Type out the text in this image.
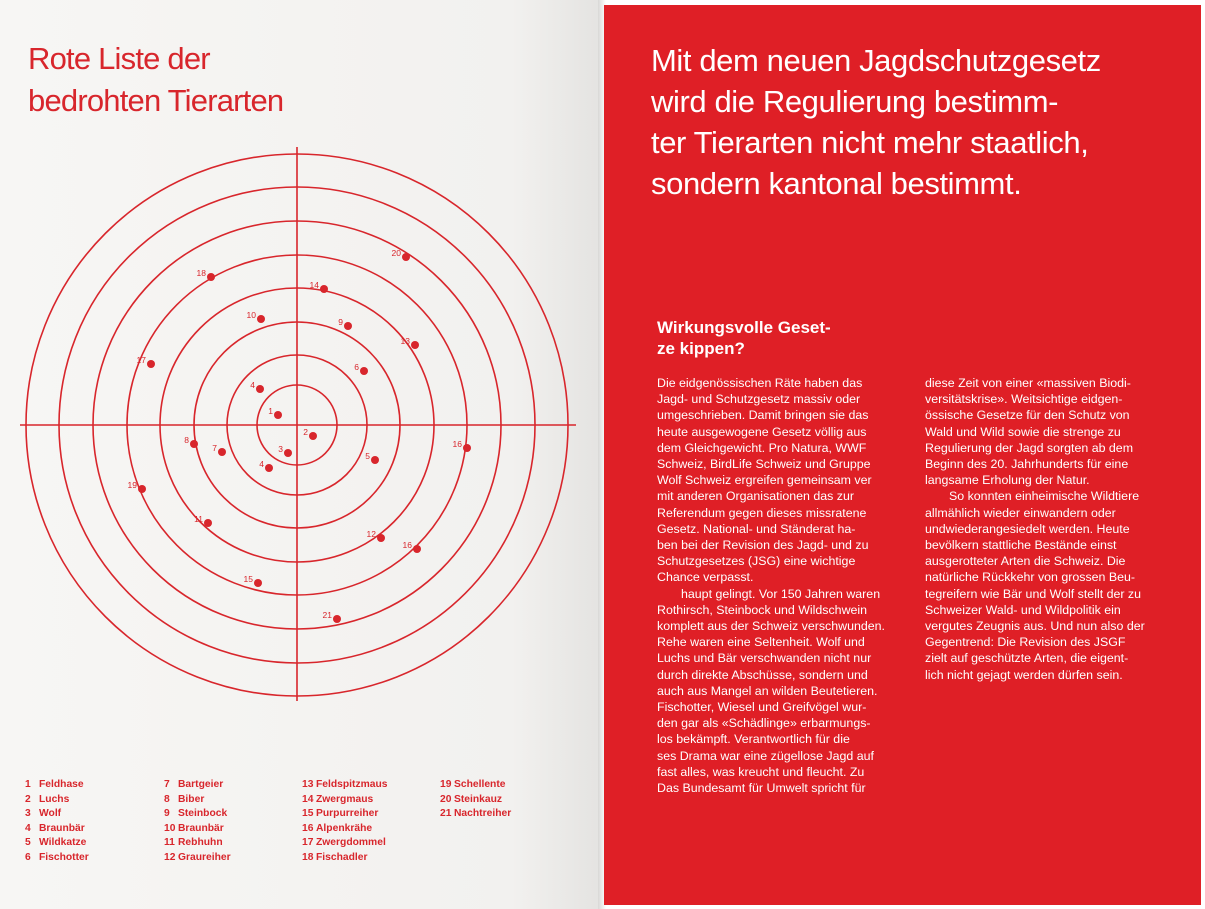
Rote Liste der
bedrohten Tierarten
20
18
14
10
9
13
17
6
4
1
2
8
7	3
4
5
16
19
11
12
16
15
21
1 Feldhase
2 Luchs
3 Wolf
4 Braunbär
5 Wildkatze
6 Fischotter
7 Bartgeier
8 Biber
9 Steinbock
10 Braunbär
11 Rebhuhn
12 Graureiher
13 Feldspitzmaus
14 Zwergmaus
15 Purpurreiher
16 Alpenkrähe
17 Zwergdommel
18 Fischadler
19 Schellente
20 Steinkauz
21 Nachtreiher
Mit dem neuen Jagdschutzgesetz
wird die Regulierung bestimm-
ter Tierarten nicht mehr staatlich,
sondern kantonal bestimmt.
Wirkungsvolle Geset-
ze kippen?
Die eidgenössischen Räte haben das
Jagd- und Schutzgesetz massiv oder
umgeschrieben. Damit bringen sie das
heute ausgewogene Gesetz völlig aus
dem Gleichgewicht. Pro Natura, WWF
Schweiz, BirdLife Schweiz und Gruppe
Wolf Schweiz ergreifen gemeinsam ver
mit anderen Organisationen das zur
Referendum gegen dieses missratene
Gesetz. National- und Ständerat ha-
ben bei der Revision des Jagd- und zu
Schutzgesetzes (JSG) eine wichtige
Chance verpasst.
haupt gelingt. Vor 150 Jahren waren
Rothirsch, Steinbock und Wildschwein
komplett aus der Schweiz verschwunden.
Rehe waren eine Seltenheit. Wolf und
Luchs und Bär verschwanden nicht nur
durch direkte Abschüsse, sondern und
auch aus Mangel an wilden Beutetieren.
Fischotter, Wiesel und Greifvögel wur-
den gar als «Schädlinge» erbarmungs-
los bekämpft. Verantwortlich für die
ses Drama war eine zügellose Jagd auf
fast alles, was kreucht und fleucht. Zu
Das Bundesamt für Umwelt spricht für
diese Zeit von einer «massiven Biodi-
versitätskrise». Weitsichtige eidgen-
össische Gesetze für den Schutz von
Wald und Wild sowie die strenge zu
Regulierung der Jagd sorgten ab dem
Beginn des 20. Jahrhunderts für eine
langsame Erholung der Natur.
So konnten einheimische Wildtiere
allmählich wieder einwandern oder
undwiederangesiedelt werden. Heute
bevölkern stattliche Bestände einst
ausgerotteter Arten die Schweiz. Die
natürliche Rückkehr von grossen Beu-
tegreifern wie Bär und Wolf stellt der zu
Schweizer Wald- und Wildpolitik ein
vergutes Zeugnis aus. Und nun also der
Gegentrend: Die Revision des JSGF
zielt auf geschützte Arten, die eigent-
lich nicht gejagt werden dürfen sein.
